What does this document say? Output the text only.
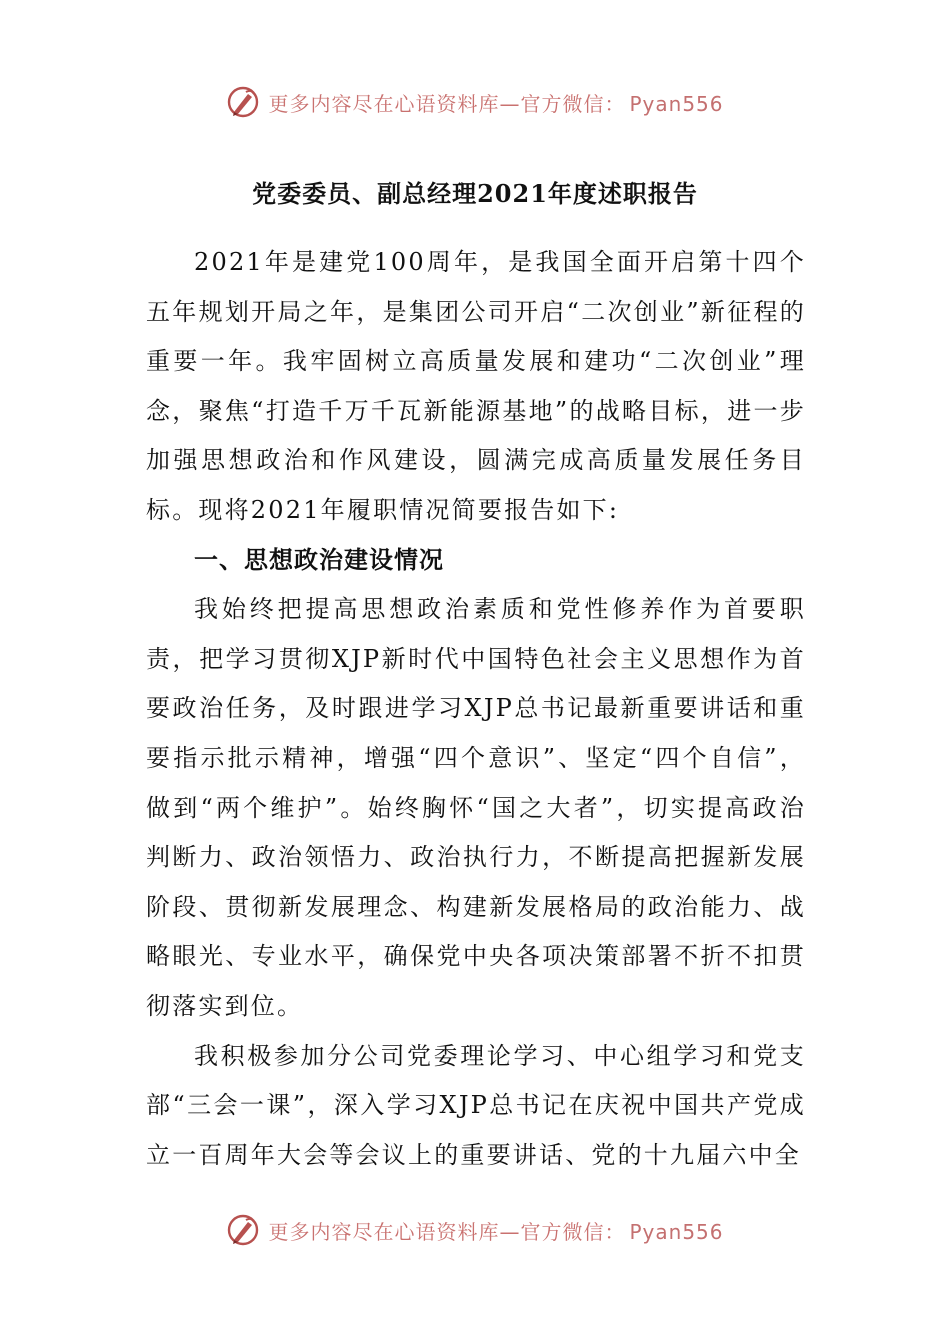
更多内容尽在心语资料库—官方微信： Pyan556
党委委员、副总经理2021年度述职报告

2021年是建党100周年，是我国全面开启第十四个五年规划开局之年，是集团公司开启“二次创业”新征程的重要一年。我牢固树立高质量发展和建功“二次创业”理念，聚焦“打造千万千瓦新能源基地”的战略目标，进一步加强思想政治和作风建设，圆满完成高质量发展任务目标。现将2021年履职情况简要报告如下:

一、思想政治建设情况

我始终把提高思想政治素质和党性修养作为首要职责，把学习贯彻XJP新时代中国特色社会主义思想作为首要政治任务，及时跟进学习XJP总书记最新重要讲话和重要指示批示精神，增强“四个意识”、坚定“四个自信”，做到“两个维护”。始终胸怀“国之大者”，切实提高政治判断力、政治领悟力、政治执行力，不断提高把握新发展阶段、贯彻新发展理念、构建新发展格局的政治能力、战略眼光、专业水平，确保党中央各项决策部署不折不扣贯彻落实到位。

我积极参加分公司党委理论学习、中心组学习和党支部“三会一课”，深入学习XJP总书记在庆祝中国共产党成立一百周年大会等会议上的重要讲话、党的十九届六中全

更多内容尽在心语资料库—官方微信： Pyan556
